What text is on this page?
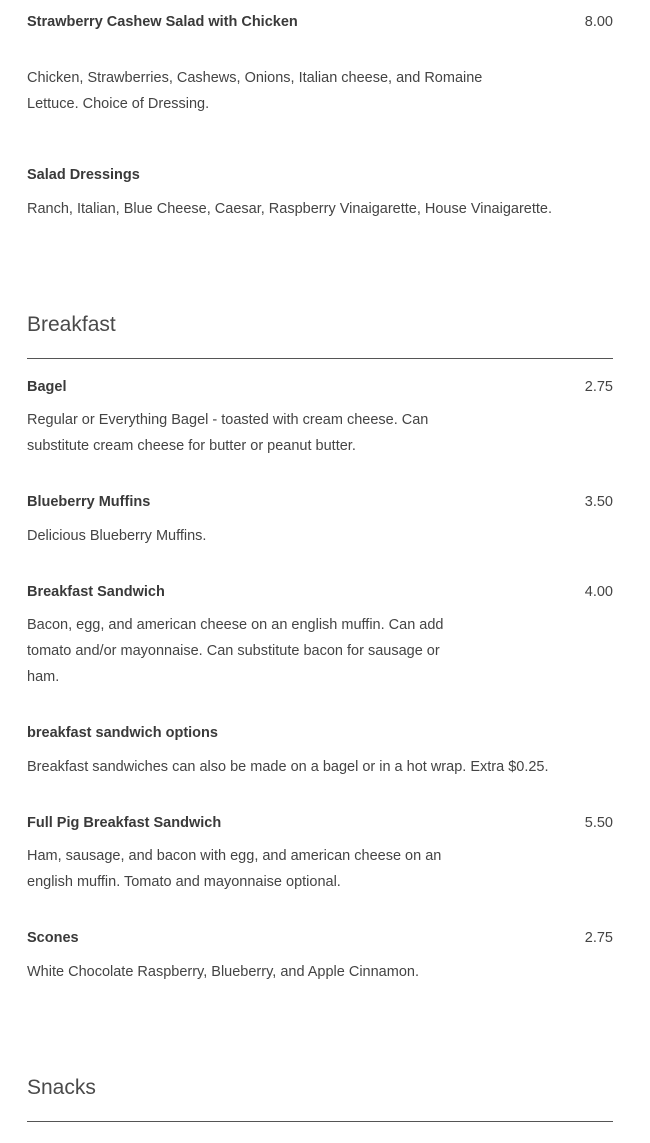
Strawberry Cashew Salad with Chicken	8.00
Chicken, Strawberries, Cashews, Onions, Italian cheese, and Romaine
Lettuce. Choice of Dressing.
Salad Dressings
Ranch, Italian, Blue Cheese, Caesar, Raspberry Vinaigarette, House Vinaigarette.
Breakfast
Bagel	2.75
Regular or Everything Bagel - toasted with cream cheese. Can
substitute cream cheese for butter or peanut butter.
Blueberry Muffins	3.50
Delicious Blueberry Muffins.
Breakfast Sandwich	4.00
Bacon, egg, and american cheese on an english muffin. Can add
tomato and/or mayonnaise. Can substitute bacon for sausage or
ham.
breakfast sandwich options
Breakfast sandwiches can also be made on a bagel or in a hot wrap. Extra $0.25.
Full Pig Breakfast Sandwich	5.50
Ham, sausage, and bacon with egg, and american cheese on an
english muffin. Tomato and mayonnaise optional.
Scones	2.75
White Chocolate Raspberry, Blueberry, and Apple Cinnamon.
Snacks
